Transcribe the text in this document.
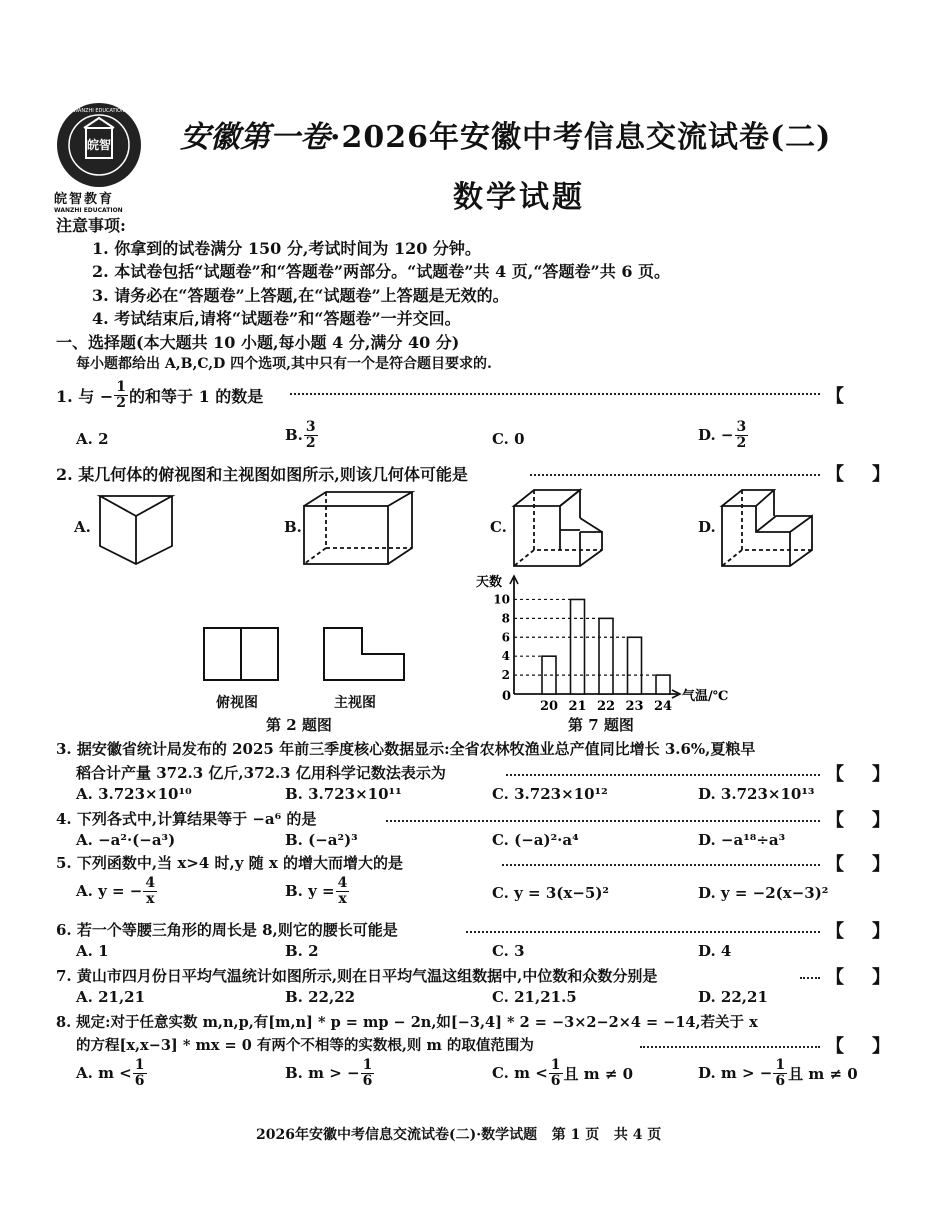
皖智
WANZHI EDUCATION
皖智教育
WANZHI EDUCATION
安徽第一卷 ·2026年安徽中考信息交流试卷(二)
数学试题
注意事项:
1. 你拿到的试卷满分 150 分,考试时间为 120 分钟。
2. 本试卷包括“试题卷”和“答题卷”两部分。“试题卷”共 4 页,“答题卷”共 6 页。
3. 请务必在“答题卷”上答题,在“试题卷”上答题是无效的。
4. 考试结束后,请将“试题卷”和“答题卷”一并交回。
一、选择题(本大题共 10 小题,每小题 4 分,满分 40 分)
每小题都给出 A,B,C,D 四个选项,其中只有一个是符合题目要求的.
1. 与 − $\frac{1}{2}$ 的和等于 1 的数是	【
A. 2	B. $\frac{3}{2}$	C. 0	D. − $\frac{3}{2}$
2. 某几何体的俯视图和主视图如图所示,则该几何体可能是	【 】
A.	B.	C.	D.
俯视图	主视图
第 2 题图
天数
气温/℃
0
2
4
6
8
10
20 21 22 23 24
第 7 题图
3. 据安徽省统计局发布的 2025 年前三季度核心数据显示:全省农林牧渔业总产值同比增长 3.6%,夏粮早
稻合计产量 372.3 亿斤,372.3 亿用科学记数法表示为	【 】
A. 3.723×10¹⁰	B. 3.723×10¹¹	C. 3.723×10¹²	D. 3.723×10¹³
4. 下列各式中,计算结果等于 −a⁶ 的是	【 】
A. −a²·(−a³)	B. (−a²)³	C. (−a)²·a⁴	D. −a¹⁸÷a³
5. 下列函数中,当 x>4 时,y 随 x 的增大而增大的是	【 】
A. y = − $\frac{4}{x}$	B. $y = \frac{4}{x}$	C. y = 3(x−5)²	D. y = −2(x−3)²
6. 若一个等腰三角形的周长是 8,则它的腰长可能是	【 】
A. 1	B. 2	C. 3	D. 4
7. 黄山市四月份日平均气温统计如图所示,则在日平均气温这组数据中,中位数和众数分别是	【 】
A. 21,21	B. 22,22	C. 21,21.5	D. 22,21
8. 规定:对于任意实数 m,n,p,有[m,n] * p = mp − 2n,如[−3,4] * 2 = −3×2−2×4 = −14,若关于 x
的方程[x,x−3] * mx = 0 有两个不相等的实数根,则 m 的取值范围为	【 】
A. $m < \frac{1}{6}$	B. m > − $\frac{1}{6}$	C. $m < \frac{1}{6}$ 且 m ≠ 0	D. m > − $\frac{1}{6}$ 且 m ≠ 0
2026年安徽中考信息交流试卷(二)·数学试题   第 1 页   共 4 页
